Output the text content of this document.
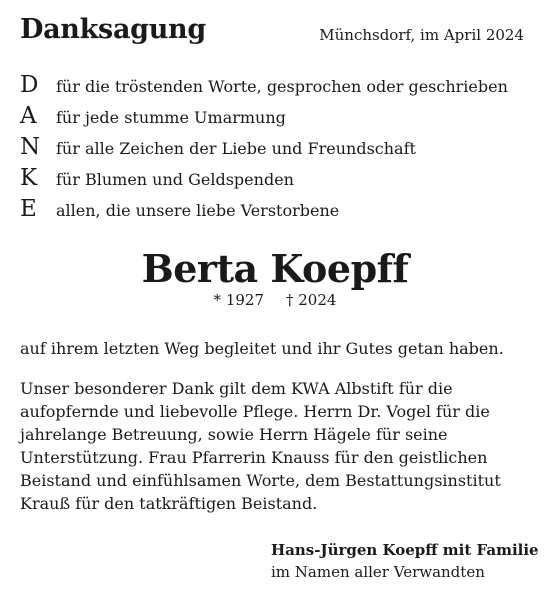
Danksagung	Münchsdorf, im April 2024
D	für die tröstenden Worte, gesprochen oder geschrieben
A	für jede stumme Umarmung
N für alle Zeichen der Liebe und Freundschaft
K	für Blumen und Geldspenden
E	allen, die unsere liebe Verstorbene
Berta Koepff
* 1927 † 2024
auf ihrem letzten Weg begleitet und ihr Gutes getan haben.
Unser besonderer Dank gilt dem KWA Albstift für die aufopfernde und liebevolle Pflege. Herrn Dr. Vogel für die jahrelange Betreuung, sowie Herrn Hägele für seine Unterstützung. Frau Pfarrerin Knauss für den geistlichen Beistand und einfühlsamen Worte, dem Bestattungsinstitut Krauß für den tatkräftigen Beistand.
Hans-Jürgen Koepff mit Familie
im Namen aller Verwandten
